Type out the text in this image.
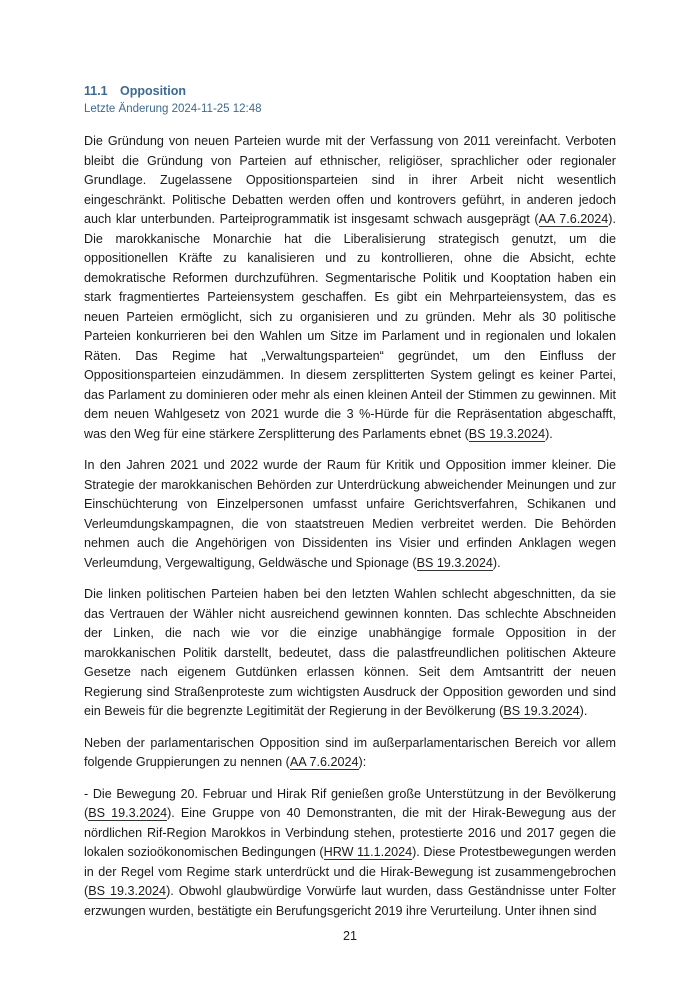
11.1 Opposition
Letzte Änderung 2024-11-25 12:48

Die Gründung von neuen Parteien wurde mit der Verfassung von 2011 vereinfacht. Verboten bleibt die Gründung von Parteien auf ethnischer, religiöser, sprachlicher oder regionaler Grundlage. Zugelassene Oppositionsparteien sind in ihrer Arbeit nicht wesentlich eingeschränkt. Politische Debatten werden offen und kontrovers geführt, in anderen jedoch auch klar unterbunden. Parteiprogrammatik ist insgesamt schwach ausgeprägt (AA 7.6.2024). Die marokkanische Monarchie hat die Liberalisierung strategisch genutzt, um die oppositionellen Kräfte zu kanalisieren und zu kontrollieren, ohne die Absicht, echte demokratische Reformen durchzuführen. Segmentarische Politik und Kooptation haben ein stark fragmentiertes Parteiensystem geschaffen. Es gibt ein Mehrparteiensystem, das es neuen Parteien ermöglicht, sich zu organisieren und zu gründen. Mehr als 30 politische Parteien konkurrieren bei den Wahlen um Sitze im Parlament und in regionalen und lokalen Räten. Das Regime hat „Verwaltungsparteien“ gegründet, um den Einfluss der Oppositionsparteien einzudämmen. In diesem zersplitterten System gelingt es keiner Partei, das Parlament zu dominieren oder mehr als einen kleinen Anteil der Stimmen zu gewinnen. Mit dem neuen Wahlgesetz von 2021 wurde die 3 %-Hürde für die Repräsentation abgeschafft, was den Weg für eine stärkere Zersplitterung des Parlaments ebnet (BS 19.3.2024).

In den Jahren 2021 und 2022 wurde der Raum für Kritik und Opposition immer kleiner. Die Strategie der marokkanischen Behörden zur Unterdrückung abweichender Meinungen und zur Einschüchterung von Einzelpersonen umfasst unfaire Gerichtsverfahren, Schikanen und Verleumdungskampagnen, die von staatstreuen Medien verbreitet werden. Die Behörden nehmen auch die Angehörigen von Dissidenten ins Visier und erfinden Anklagen wegen Verleumdung, Vergewaltigung, Geldwäsche und Spionage (BS 19.3.2024).

Die linken politischen Parteien haben bei den letzten Wahlen schlecht abgeschnitten, da sie das Vertrauen der Wähler nicht ausreichend gewinnen konnten. Das schlechte Abschneiden der Linken, die nach wie vor die einzige unabhängige formale Opposition in der marokkanischen Politik darstellt, bedeutet, dass die palastfreundlichen politischen Akteure Gesetze nach eigenem Gutdünken erlassen können. Seit dem Amtsantritt der neuen Regierung sind Straßenproteste zum wichtigsten Ausdruck der Opposition geworden und sind ein Beweis für die begrenzte Legitimität der Regierung in der Bevölkerung (BS 19.3.2024).

Neben der parlamentarischen Opposition sind im außerparlamentarischen Bereich vor allem folgende Gruppierungen zu nennen (AA 7.6.2024):

- Die Bewegung 20. Februar und Hirak Rif genießen große Unterstützung in der Bevölkerung (BS 19.3.2024). Eine Gruppe von 40 Demonstranten, die mit der Hirak-Bewegung aus der nördlichen Rif-Region Marokkos in Verbindung stehen, protestierte 2016 und 2017 gegen die lokalen sozioökonomischen Bedingungen (HRW 11.1.2024). Diese Protestbewegungen werden in der Regel vom Regime stark unterdrückt und die Hirak-Bewegung ist zusammengebrochen (BS 19.3.2024). Obwohl glaubwürdige Vorwürfe laut wurden, dass Geständnisse unter Folter erzwungen wurden, bestätigte ein Berufungsgericht 2019 ihre Verurteilung. Unter ihnen sind

21
